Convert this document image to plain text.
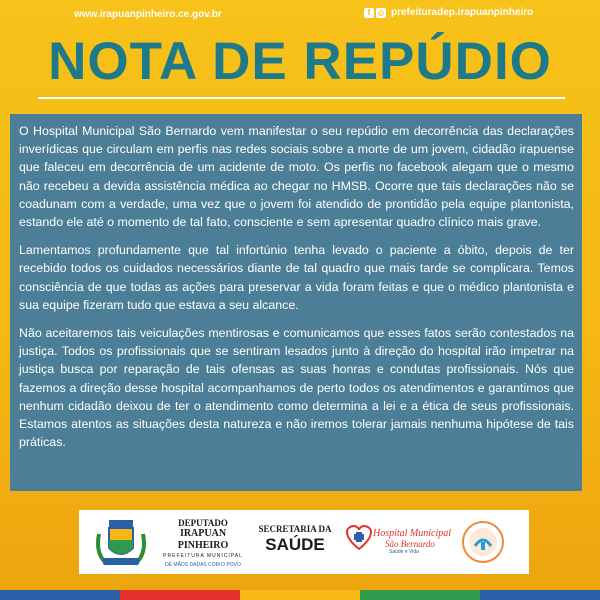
www.irapuanpinheiro.ce.gov.br	f ◎ prefeituradep.irapuanpinheiro
NOTA DE REPÚDIO

O Hospital Municipal São Bernardo vem manifestar o seu repúdio em decorrência das declarações inverídicas que circulam em perfis nas redes sociais sobre a morte de um jovem, cidadão irapuense que faleceu em decorrência de um acidente de moto. Os perfis no facebook alegam que o mesmo não recebeu a devida assistência médica ao chegar no HMSB. Ocorre que tais declarações não se coadunam com a verdade, uma vez que o jovem foi atendido de prontidão pela equipe plantonista, estando ele até o momento de tal fato, consciente e sem apresentar quadro clínico mais grave.

Lamentamos profundamente que tal infortúnio tenha levado o paciente a óbito, depois de ter recebido todos os cuidados necessários diante de tal quadro que mais tarde se complicara. Temos consciência de que todas as ações para preservar a vida foram feitas e que o médico plantonista e sua equipe fizeram tudo que estava a seu alcance.

Não aceitaremos tais veiculações mentirosas e comunicamos que esses fatos serão contestados na justiça. Todos os profissionais que se sentiram lesados junto à direção do hospital irão impetrar na justiça busca por reparação de tais ofensas as suas honras e condutas profissionais. Nós que fazemos a direção desse hospital acompanhamos de perto todos os atendimentos e garantimos que nenhum cidadão deixou de ter o atendimento como determina a lei e a ética de seus profissionais. Estamos atentos as situações desta natureza e não iremos tolerar jamais nenhuma hipótese de tais práticas.

DEPUTADO
IRAPUAN PINHEIRO
PREFEITURA MUNICIPAL
DE MÃOS DADAS COM O POVO
SECRETARIA DA
SAÚDE
Hospital Municipal
São Bernardo
Saúde e Vida
